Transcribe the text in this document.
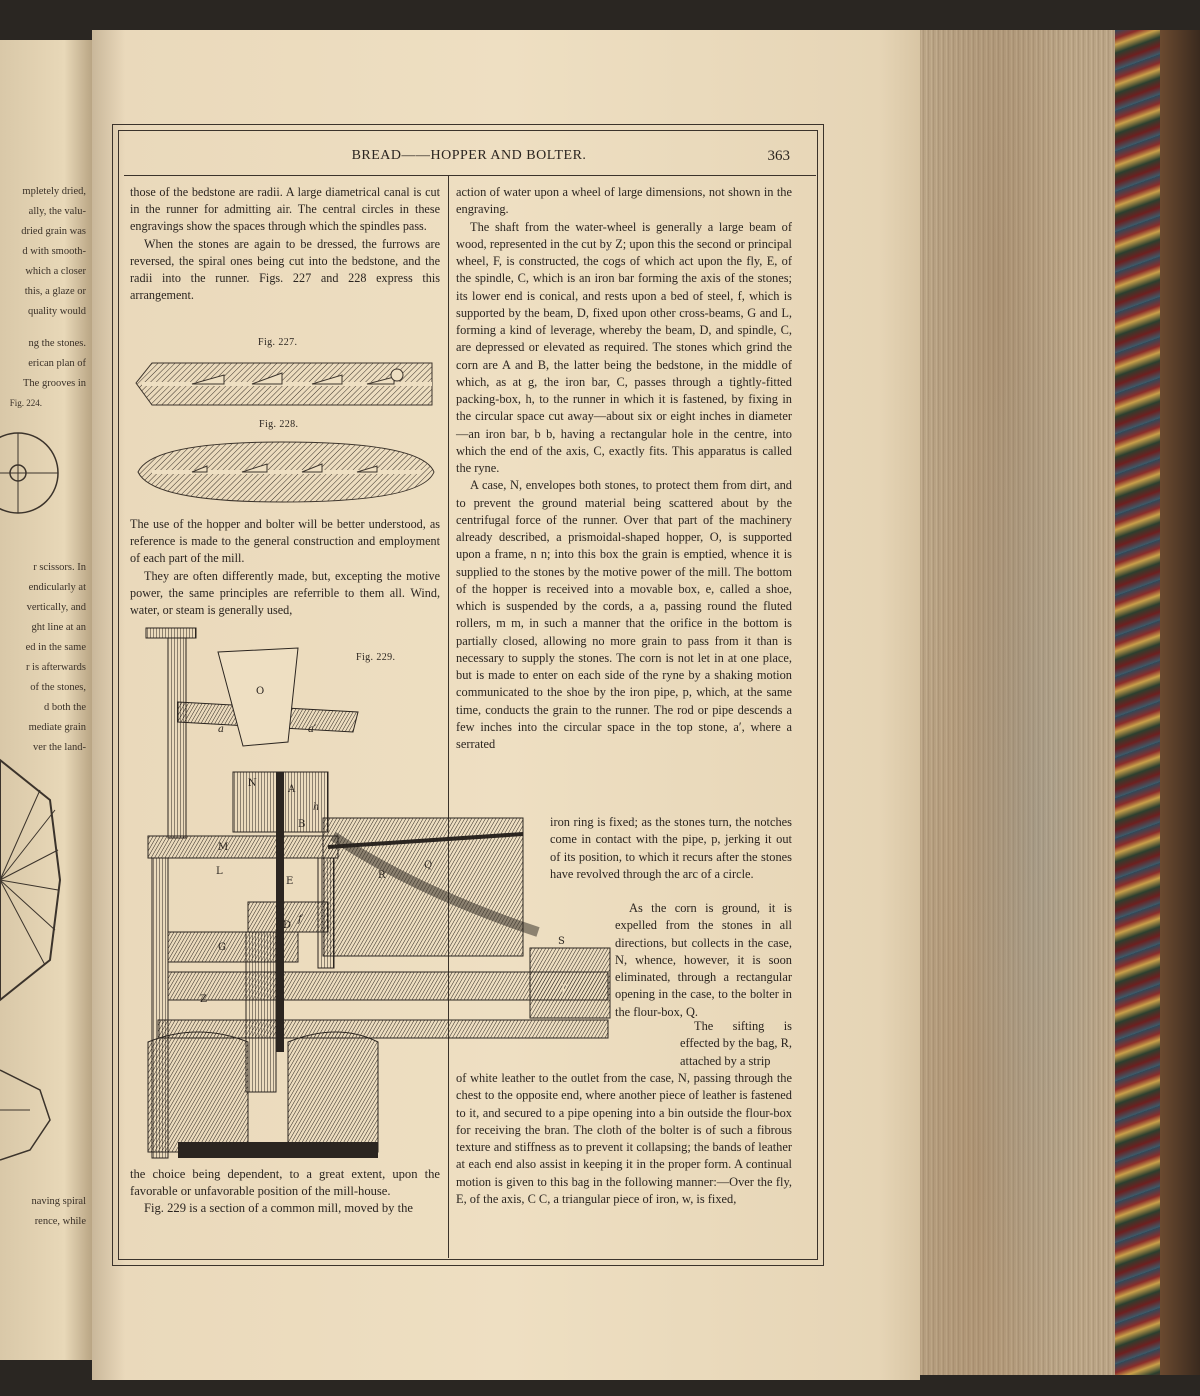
mpletely dried,
ally, the valu-
dried grain was
d with smooth-
which a closer
this, a glaze or
quality would
ng the stones.
erican plan of
The grooves in
Fig. 224.
r scissors. In
endicularly at
vertically, and
ght line at an
ed in the same
r is afterwards
of the stones,
d both the
mediate grain
ver the land-
naving spiral
rence, while
BREAD——HOPPER AND BOLTER.	363

those of the bedstone are radii. A large diametrical canal is cut in the runner for admitting air. The central circles in these engravings show the spaces through which the spindles pass.

When the stones are again to be dressed, the furrows are reversed, the spiral ones being cut into the bedstone, and the radii into the runner. Figs. 227 and 228 express this arrangement.

Fig. 227.
Fig. 228.

The use of the hopper and bolter will be better understood, as reference is made to the general construction and employment of each part of the mill.

They are often differently made, but, excepting the motive power, the same principles are referrible to them all. Wind, water, or steam is generally used,

Fig. 229.
O
a	a′
N
A
h
B
M
L
E
R
Q
D
f
G
S
Z	F
T

the choice being dependent, to a great extent, upon the favorable or unfavorable position of the mill-house.

Fig. 229 is a section of a common mill, moved by the

action of water upon a wheel of large dimensions, not shown in the engraving.

The shaft from the water-wheel is generally a large beam of wood, represented in the cut by Z; upon this the second or principal wheel, F, is constructed, the cogs of which act upon the fly, E, of the spindle, C, which is an iron bar forming the axis of the stones; its lower end is conical, and rests upon a bed of steel, f, which is supported by the beam, D, fixed upon other cross-beams, G and L, forming a kind of leverage, whereby the beam, D, and spindle, C, are depressed or elevated as required. The stones which grind the corn are A and B, the latter being the bedstone, in the middle of which, as at g, the iron bar, C, passes through a tightly-fitted packing-box, h, to the runner in which it is fastened, by fixing in the circular space cut away—about six or eight inches in diameter—an iron bar, b b, having a rectangular hole in the centre, into which the end of the axis, C, exactly fits. This apparatus is called the ryne.

A case, N, envelopes both stones, to protect them from dirt, and to prevent the ground material being scattered about by the centrifugal force of the runner. Over that part of the machinery already described, a prismoidal-shaped hopper, O, is supported upon a frame, n n; into this box the grain is emptied, whence it is supplied to the stones by the motive power of the mill. The bottom of the hopper is received into a movable box, e, called a shoe, which is suspended by the cords, a a, passing round the fluted rollers, m m, in such a manner that the orifice in the bottom is partially closed, allowing no more grain to pass from it than is necessary to supply the stones. The corn is not let in at one place, but is made to enter on each side of the ryne by a shaking motion communicated to the shoe by the iron pipe, p, which, at the same time, conducts the grain to the runner. The rod or pipe descends a few inches into the circular space in the top stone, a′, where a serrated

iron ring is fixed; as the stones turn, the notches come in contact with the pipe, p, jerking it out of its position, to which it recurs after the stones have revolved through the arc of a circle.

As the corn is ground, it is expelled from the stones in all directions, but collects in the case, N, whence, however, it is soon eliminated, through a rectangular opening in the case, to the bolter in the flour-box, Q.

The sifting is effected by the bag, R, attached by a strip

of white leather to the outlet from the case, N, passing through the chest to the opposite end, where another piece of leather is fastened to it, and secured to a pipe opening into a bin outside the flour-box for receiving the bran. The cloth of the bolter is of such a fibrous texture and stiffness as to prevent it collapsing; the bands of leather at each end also assist in keeping it in the proper form. A continual motion is given to this bag in the following manner:—Over the fly, E, of the axis, C C, a triangular piece of iron, w, is fixed,
